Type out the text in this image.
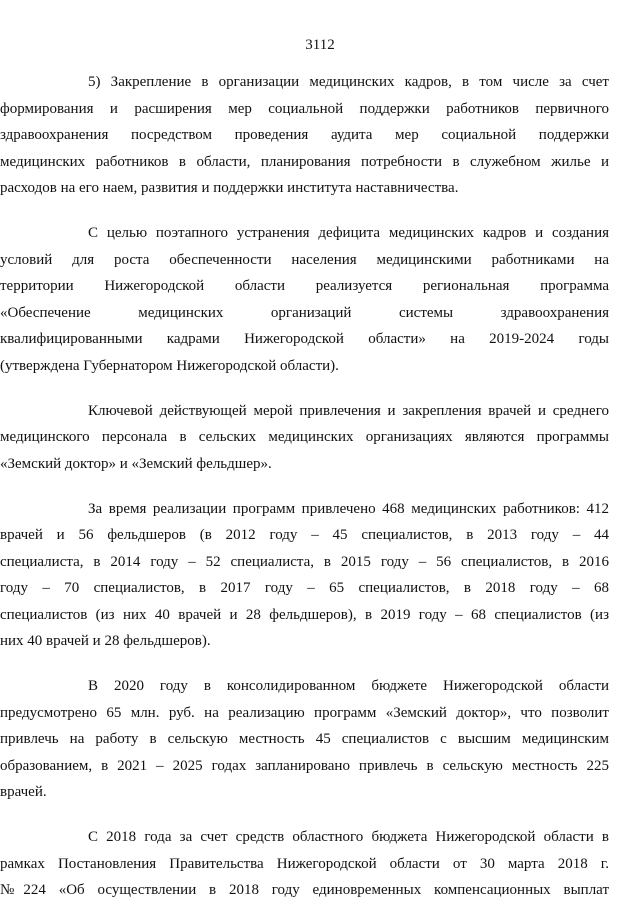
3112
5) Закрепление в организации медицинских кадров, в том числе за счет
формирования и расширения мер социальной поддержки работников первичного
здравоохранения посредством проведения аудита мер социальной поддержки
медицинских работников в области, планирования потребности в служебном жилье и
расходов на его наем, развития и поддержки института наставничества.
С целью поэтапного устранения дефицита медицинских кадров и создания
условий для роста обеспеченности населения медицинскими работниками на
территории Нижегородской области реализуется региональная программа
«Обеспечение медицинских организаций системы здравоохранения
квалифицированными кадрами Нижегородской области» на 2019-2024 годы
(утверждена Губернатором Нижегородской области).
Ключевой действующей мерой привлечения и закрепления врачей и среднего
медицинского персонала в сельских медицинских организациях являются программы
«Земский доктор» и «Земский фельдшер».
За время реализации программ привлечено 468 медицинских работников: 412
врачей и 56 фельдшеров (в 2012 году – 45 специалистов, в 2013 году – 44
специалиста, в 2014 году – 52 специалиста, в 2015 году – 56 специалистов, в 2016
году – 70 специалистов, в 2017 году – 65 специалистов, в 2018 году – 68
специалистов (из них 40 врачей и 28 фельдшеров), в 2019 году – 68 специалистов (из
них 40 врачей и 28 фельдшеров).
В 2020 году в консолидированном бюджете Нижегородской области
предусмотрено 65 млн. руб. на реализацию программ «Земский доктор», что позволит
привлечь на работу в сельскую местность 45 специалистов с высшим медицинским
образованием, в 2021 – 2025 годах запланировано привлечь в сельскую местность 225
врачей.
С 2018 года за счет средств областного бюджета Нижегородской области в
рамках Постановления Правительства Нижегородской области от 30 марта 2018 г.
№224 «Об осуществлении в 2018 году единовременных компенсационных выплат
